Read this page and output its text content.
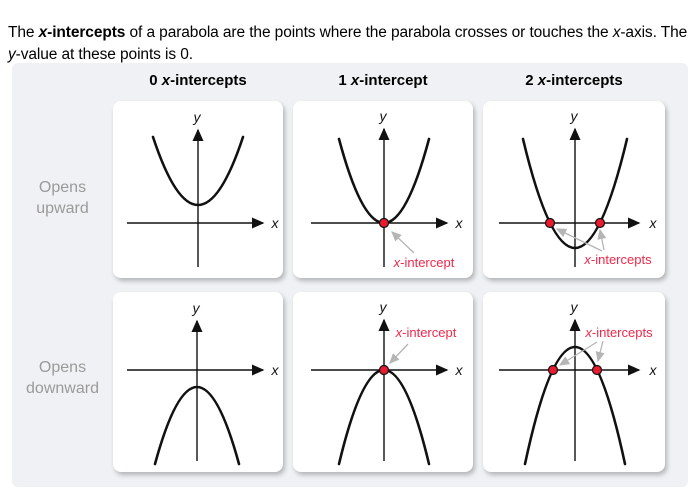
The x-intercepts of a parabola are the points where the parabola crosses or touches the x-axis. The y-value at these points is 0.

0 x-intercepts	1 x-intercept	2 x-intercepts
Opens upward
Opens downward
y
x
y
x
x-intercept
y
x
x-intercepts
y
x
y
x
x-intercept
y
x
x-intercepts
